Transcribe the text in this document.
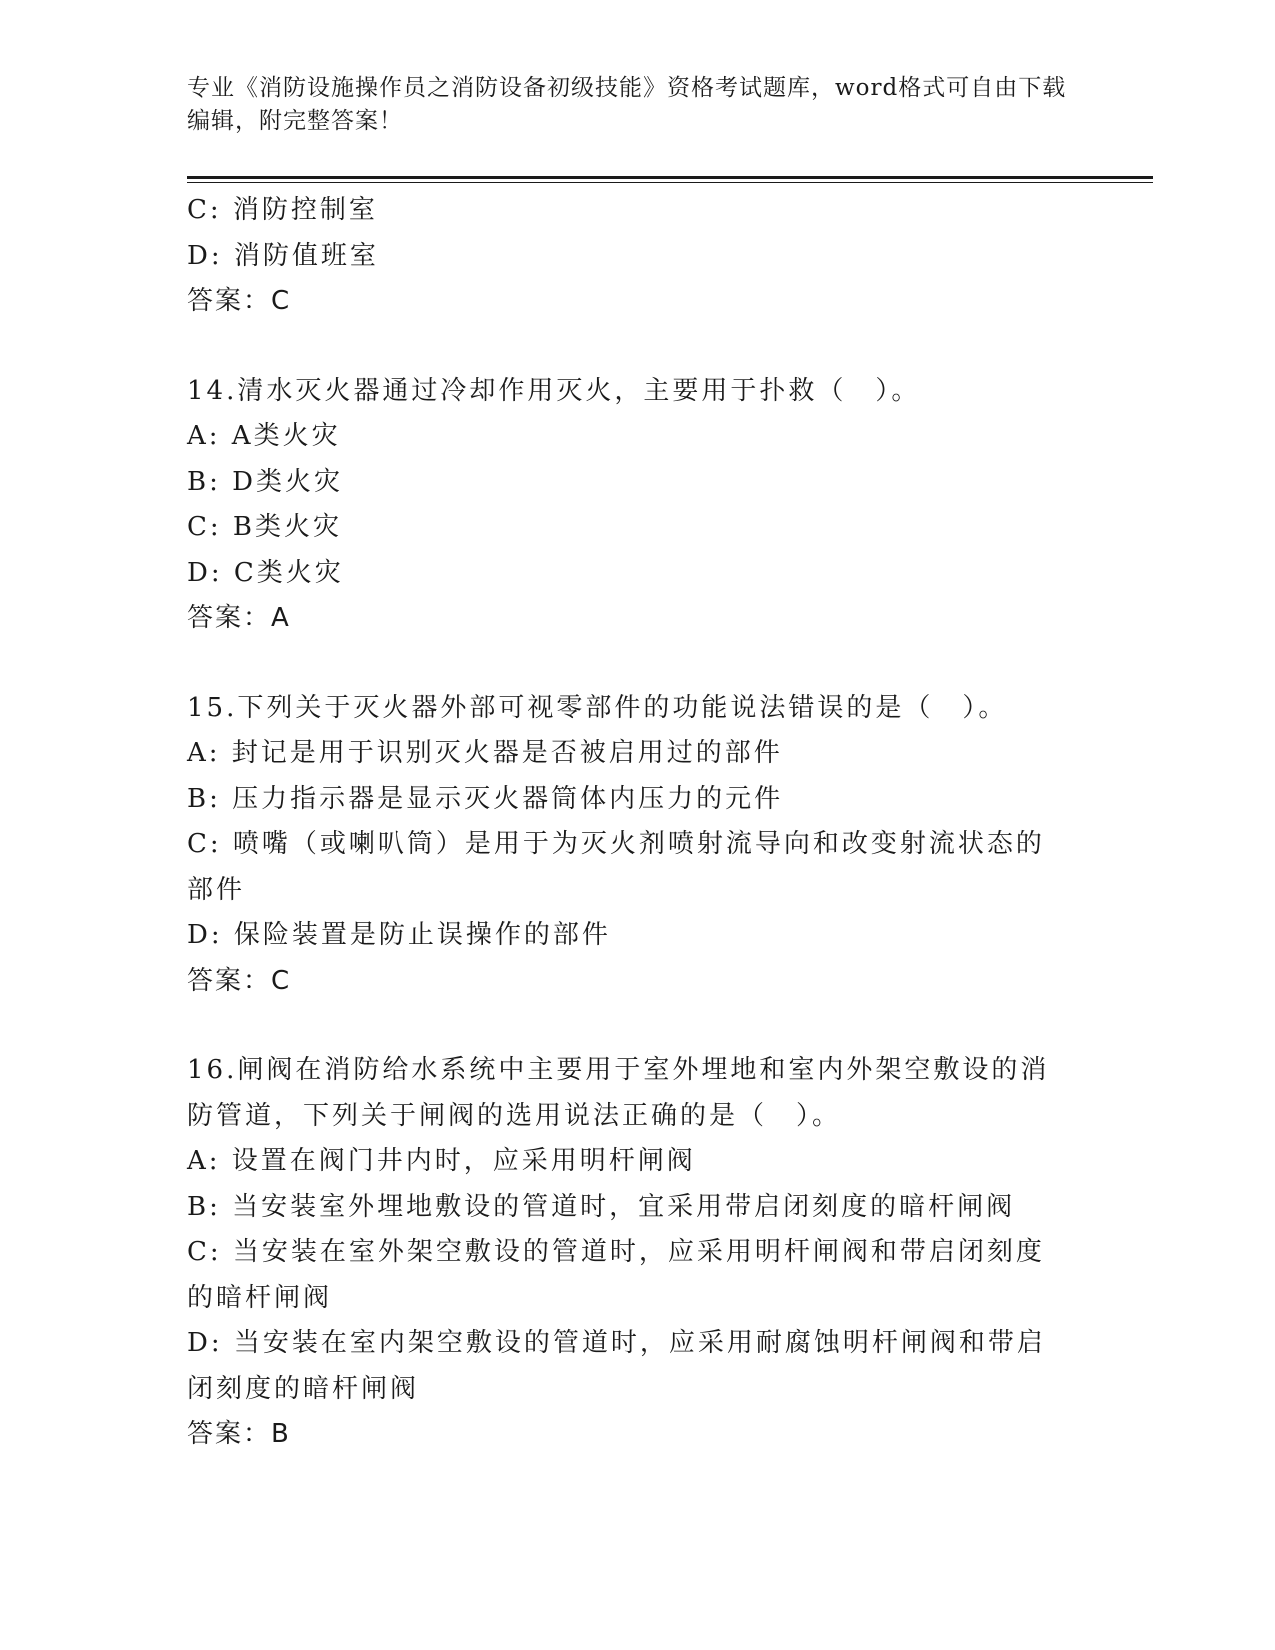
专业《消防设施操作员之消防设备初级技能》资格考试题库，word格式可自由下载编辑，附完整答案！
C: 消防控制室
D: 消防值班室
答案：C
14.清水灭火器通过冷却作用灭火，主要用于扑救（　）。
A: A类火灾
B: D类火灾
C: B类火灾
D: C类火灾
答案：A
15.下列关于灭火器外部可视零部件的功能说法错误的是（　）。
A: 封记是用于识别灭火器是否被启用过的部件
B: 压力指示器是显示灭火器筒体内压力的元件
C: 喷嘴（或喇叭筒）是用于为灭火剂喷射流导向和改变射流状态的部件
D: 保险装置是防止误操作的部件
答案：C
16.闸阀在消防给水系统中主要用于室外埋地和室内外架空敷设的消防管道，下列关于闸阀的选用说法正确的是（　）。
A: 设置在阀门井内时，应采用明杆闸阀
B: 当安装室外埋地敷设的管道时，宜采用带启闭刻度的暗杆闸阀
C: 当安装在室外架空敷设的管道时，应采用明杆闸阀和带启闭刻度的暗杆闸阀
D: 当安装在室内架空敷设的管道时，应采用耐腐蚀明杆闸阀和带启闭刻度的暗杆闸阀
答案：B
